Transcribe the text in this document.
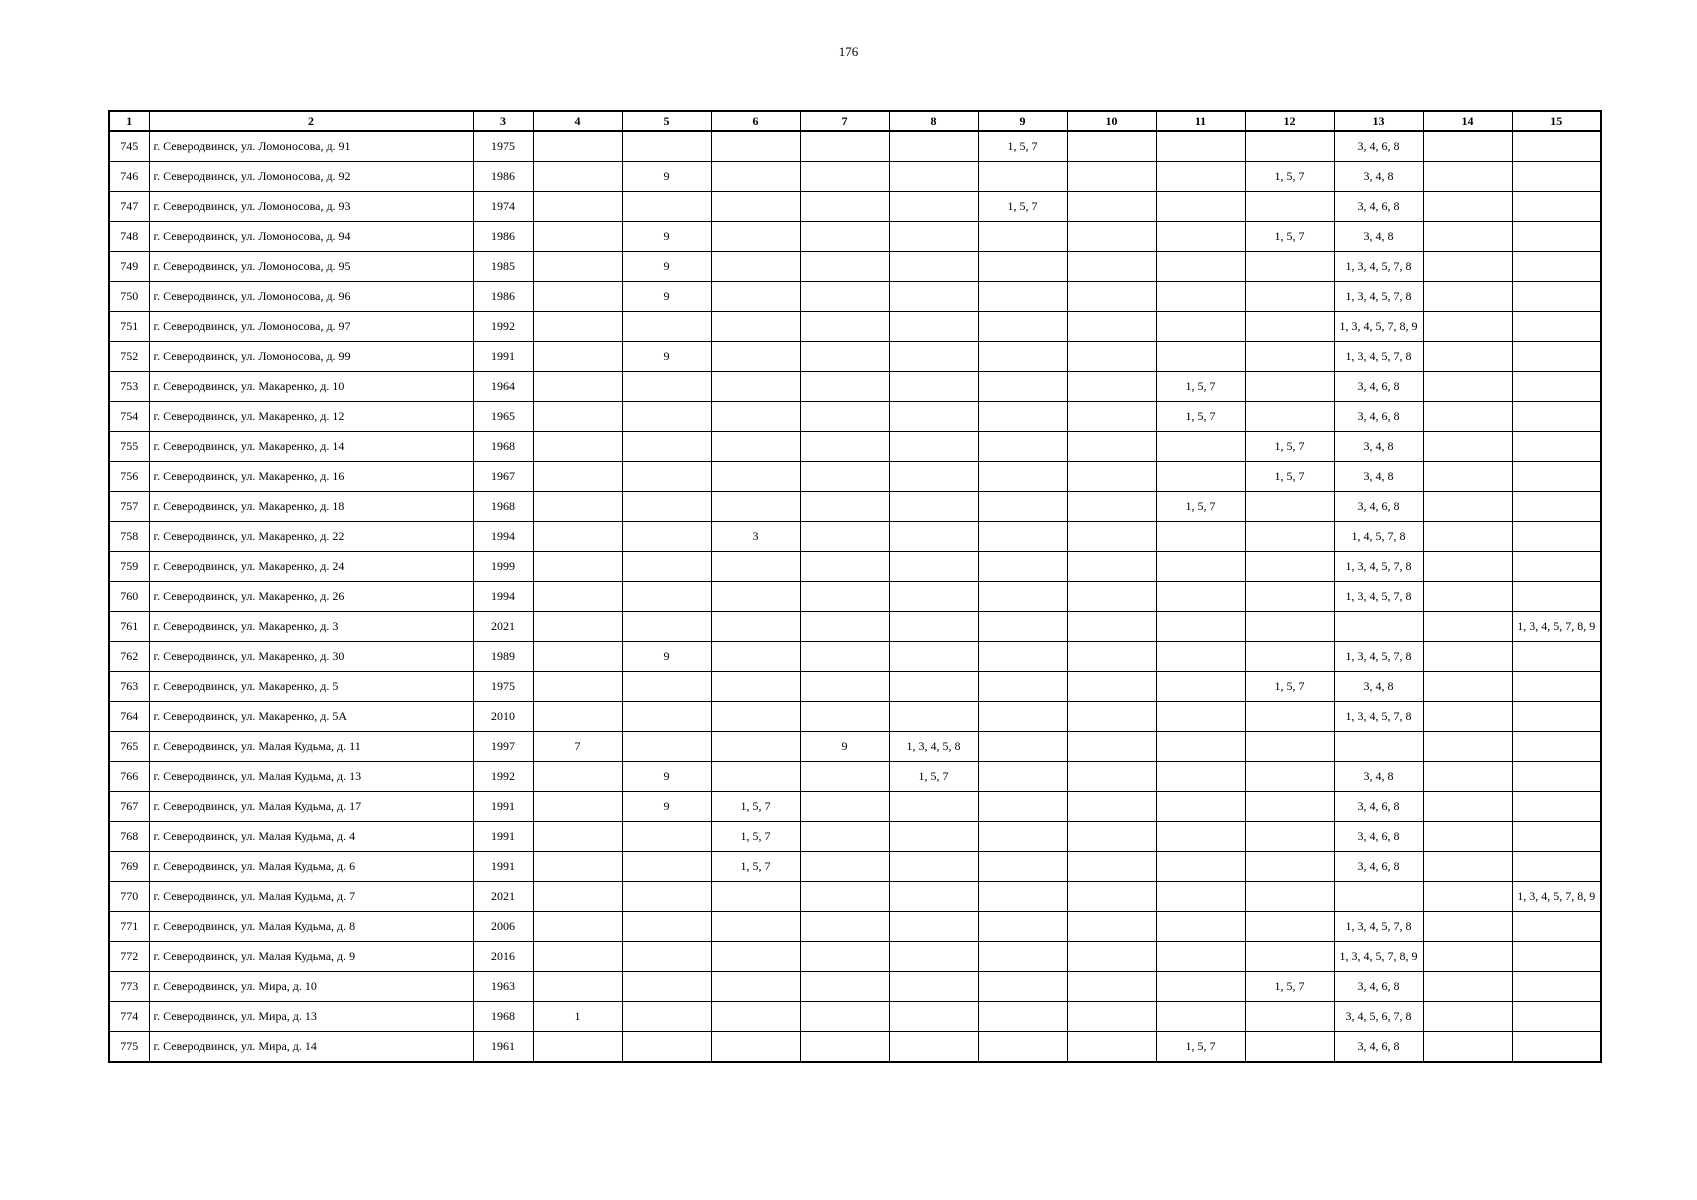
176
1	2	3	4	5	6	7	8	9	10	11	12	13	14	15
745	г. Северодвинск, ул. Ломоносова, д. 91	1975						1, 5, 7				3, 4, 6, 8		
746	г. Северодвинск, ул. Ломоносова, д. 92	1986		9							1, 5, 7	3, 4, 8		
747	г. Северодвинск, ул. Ломоносова, д. 93	1974						1, 5, 7				3, 4, 6, 8		
748	г. Северодвинск, ул. Ломоносова, д. 94	1986		9							1, 5, 7	3, 4, 8		
749	г. Северодвинск, ул. Ломоносова, д. 95	1985		9								1, 3, 4, 5, 7, 8		
750	г. Северодвинск, ул. Ломоносова, д. 96	1986		9								1, 3, 4, 5, 7, 8		
751	г. Северодвинск, ул. Ломоносова, д. 97	1992										1, 3, 4, 5, 7, 8, 9		
752	г. Северодвинск, ул. Ломоносова, д. 99	1991		9								1, 3, 4, 5, 7, 8		
753	г. Северодвинск, ул. Макаренко, д. 10	1964								1, 5, 7		3, 4, 6, 8		
754	г. Северодвинск, ул. Макаренко, д. 12	1965								1, 5, 7		3, 4, 6, 8		
755	г. Северодвинск, ул. Макаренко, д. 14	1968									1, 5, 7	3, 4, 8		
756	г. Северодвинск, ул. Макаренко, д. 16	1967									1, 5, 7	3, 4, 8		
757	г. Северодвинск, ул. Макаренко, д. 18	1968								1, 5, 7		3, 4, 6, 8		
758	г. Северодвинск, ул. Макаренко, д. 22	1994			3							1, 4, 5, 7, 8		
759	г. Северодвинск, ул. Макаренко, д. 24	1999										1, 3, 4, 5, 7, 8		
760	г. Северодвинск, ул. Макаренко, д. 26	1994										1, 3, 4, 5, 7, 8		
761	г. Северодвинск, ул. Макаренко, д. 3	2021												1, 3, 4, 5, 7, 8, 9
762	г. Северодвинск, ул. Макаренко, д. 30	1989		9								1, 3, 4, 5, 7, 8		
763	г. Северодвинск, ул. Макаренко, д. 5	1975									1, 5, 7	3, 4, 8		
764	г. Северодвинск, ул. Макаренко, д. 5А	2010										1, 3, 4, 5, 7, 8		
765	г. Северодвинск, ул. Малая Кудьма, д. 11	1997	7			9	1, 3, 4, 5, 8							
766	г. Северодвинск, ул. Малая Кудьма, д. 13	1992		9			1, 5, 7					3, 4, 8		
767	г. Северодвинск, ул. Малая Кудьма, д. 17	1991		9	1, 5, 7							3, 4, 6, 8		
768	г. Северодвинск, ул. Малая Кудьма, д. 4	1991			1, 5, 7							3, 4, 6, 8		
769	г. Северодвинск, ул. Малая Кудьма, д. 6	1991			1, 5, 7							3, 4, 6, 8		
770	г. Северодвинск, ул. Малая Кудьма, д. 7	2021												1, 3, 4, 5, 7, 8, 9
771	г. Северодвинск, ул. Малая Кудьма, д. 8	2006										1, 3, 4, 5, 7, 8		
772	г. Северодвинск, ул. Малая Кудьма, д. 9	2016										1, 3, 4, 5, 7, 8, 9		
773	г. Северодвинск, ул. Мира, д. 10	1963									1, 5, 7	3, 4, 6, 8		
774	г. Северодвинск, ул. Мира, д. 13	1968	1									3, 4, 5, 6, 7, 8		
775	г. Северодвинск, ул. Мира, д. 14	1961								1, 5, 7		3, 4, 6, 8		
